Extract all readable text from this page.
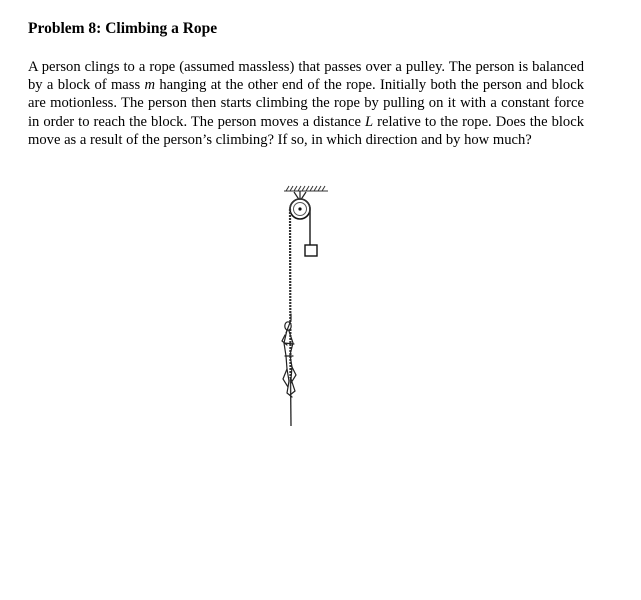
Problem 8: Climbing a Rope

A person clings to a rope (assumed massless) that passes over a pulley. The person is balanced by a block of mass m hanging at the other end of the rope. Initially both the person and block are motionless. The person then starts climbing the rope by pulling on it with a constant force in order to reach the block. The person moves a distance L relative to the rope. Does the block move as a result of the person’s climbing? If so, in which direction and by how much?
